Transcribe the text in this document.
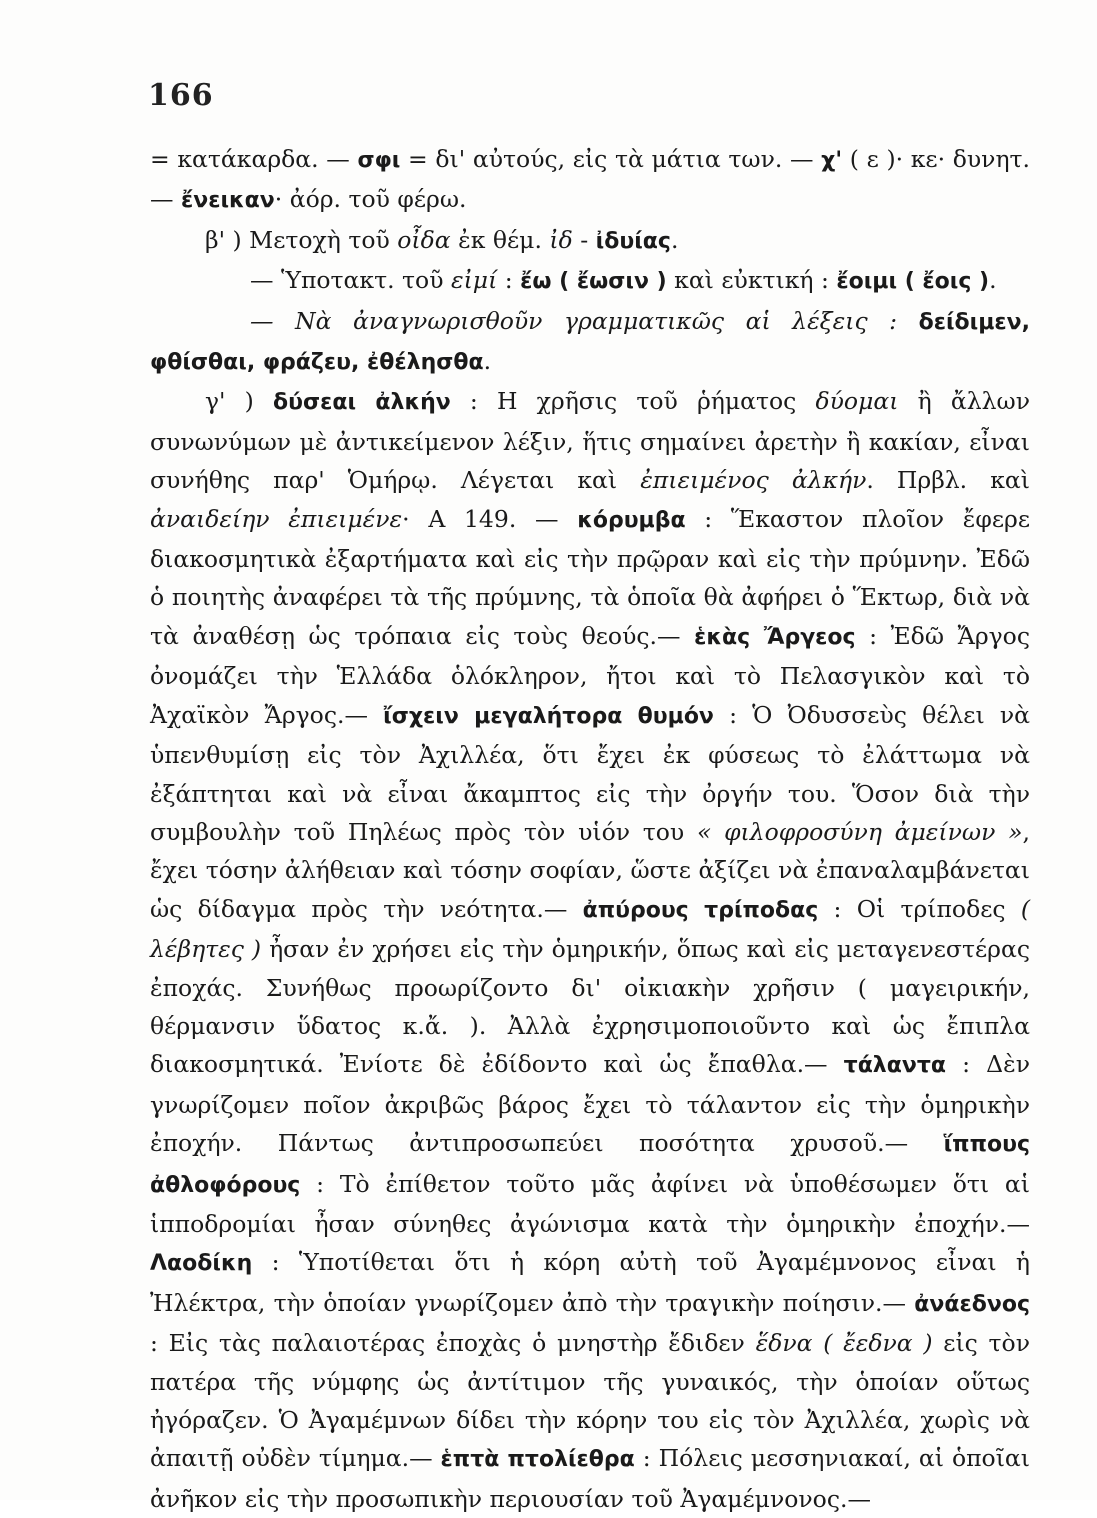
166

= κατάκαρδα. — σφι = δι' αὐτούς, εἰς τὰ μάτια των. — χ' ( ε )· κε· δυνητ. — ἔνεικαν· ἀόρ. τοῦ φέρω.

β' ) Μετοχὴ τοῦ οἶδα ἐκ θέμ. ἰδ - ἰδυίας.

— Ὑποτακτ. τοῦ εἰμί : ἔω ( ἔωσιν ) καὶ εὐκτική : ἔοιμι ( ἔοις ).

— Νὰ ἀναγνωρισθοῦν γραμματικῶς αἱ λέξεις : δείδιμεν, φθίσθαι, φράζευ, ἐθέλησθα.

γ' ) δύσεαι ἀλκήν : Η χρῆσις τοῦ ῥήματος δύομαι ἢ ἄλλων συνωνύμων μὲ ἀντικείμενον λέξιν, ἥτις σημαίνει ἀρετὴν ἢ κακίαν, εἶναι συνήθης παρ' Ὁμήρῳ. Λέγεται καὶ ἐπιειμένος ἀλκήν. Πρβλ. καὶ ἀναιδείην ἐπιειμένε· Α 149. — κόρυμβα : Ἕκαστον πλοῖον ἔφερε διακοσμητικὰ ἐξαρτήματα καὶ εἰς τὴν πρῷραν καὶ εἰς τὴν πρύμνην. Ἐδῶ ὁ ποιητὴς ἀναφέρει τὰ τῆς πρύμνης, τὰ ὁποῖα θὰ ἀφήρει ὁ Ἕκτωρ, διὰ νὰ τὰ ἀναθέσῃ ὡς τρόπαια εἰς τοὺς θεούς.— ἑκὰς Ἄργεος : Ἐδῶ Ἄργος ὀνομάζει τὴν Ἑλλάδα ὁλόκληρον, ἤτοι καὶ τὸ Πελασγικὸν καὶ τὸ Ἀχαϊκὸν Ἄργος.— ἴσχειν μεγαλήτορα θυμόν : Ὁ Ὀδυσσεὺς θέλει νὰ ὑπενθυμίσῃ εἰς τὸν Ἀχιλλέα, ὅτι ἔχει ἐκ φύσεως τὸ ἐλάττωμα νὰ ἐξάπτηται καὶ νὰ εἶναι ἄκαμπτος εἰς τὴν ὀργήν του. Ὅσον διὰ τὴν συμβουλὴν τοῦ Πηλέως πρὸς τὸν υἱόν του « φιλοφροσύνη ἀμείνων », ἔχει τόσην ἀλήθειαν καὶ τόσην σοφίαν, ὥστε ἀξίζει νὰ ἐπαναλαμβάνεται ὡς δίδαγμα πρὸς τὴν νεότητα.— ἀπύρους τρίποδας : Οἱ τρίποδες ( λέβητες ) ἦσαν ἐν χρήσει εἰς τὴν ὁμηρικήν, ὅπως καὶ εἰς μεταγενεστέρας ἐποχάς. Συνήθως προωρίζοντο δι' οἰκιακὴν χρῆσιν ( μαγειρικήν, θέρμανσιν ὕδατος κ.ἄ. ). Ἀλλὰ ἐχρησιμοποιοῦντο καὶ ὡς ἔπιπλα διακοσμητικά. Ἐνίοτε δὲ ἐδίδοντο καὶ ὡς ἔπαθλα.— τάλαντα : Δὲν γνωρίζομεν ποῖον ἀκριβῶς βάρος ἔχει τὸ τάλαντον εἰς τὴν ὁμηρικὴν ἐποχήν. Πάντως ἀντιπροσωπεύει ποσότητα χρυσοῦ.— ἵππους ἀθλοφόρους : Τὸ ἐπίθετον τοῦτο μᾶς ἀφίνει νὰ ὑποθέσωμεν ὅτι αἱ ἱπποδρομίαι ἦσαν σύνηθες ἀγώνισμα κατὰ τὴν ὁμηρικὴν ἐποχήν.— Λαοδίκη : Ὑποτίθεται ὅτι ἡ κόρη αὐτὴ τοῦ Ἀγαμέμνονος εἶναι ἡ Ἠλέκτρα, τὴν ὁποίαν γνωρίζομεν ἀπὸ τὴν τραγικὴν ποίησιν.— ἀνάεδνος : Εἰς τὰς παλαιοτέρας ἐποχὰς ὁ μνηστὴρ ἔδιδεν ἕδνα ( ἔεδνα ) εἰς τὸν πατέρα τῆς νύμφης ὡς ἀντίτιμον τῆς γυναικός, τὴν ὁποίαν οὕτως ἠγόραζεν. Ὁ Ἀγαμέμνων δίδει τὴν κόρην του εἰς τὸν Ἀχιλλέα, χωρὶς νὰ ἀπαιτῇ οὐδὲν τίμημα.— ἑπτὰ πτολίεθρα : Πόλεις μεσσηνιακαί, αἱ ὁποῖαι ἀνῆκον εἰς τὴν προσωπικὴν περιουσίαν τοῦ Ἀγαμέμνονος.—
